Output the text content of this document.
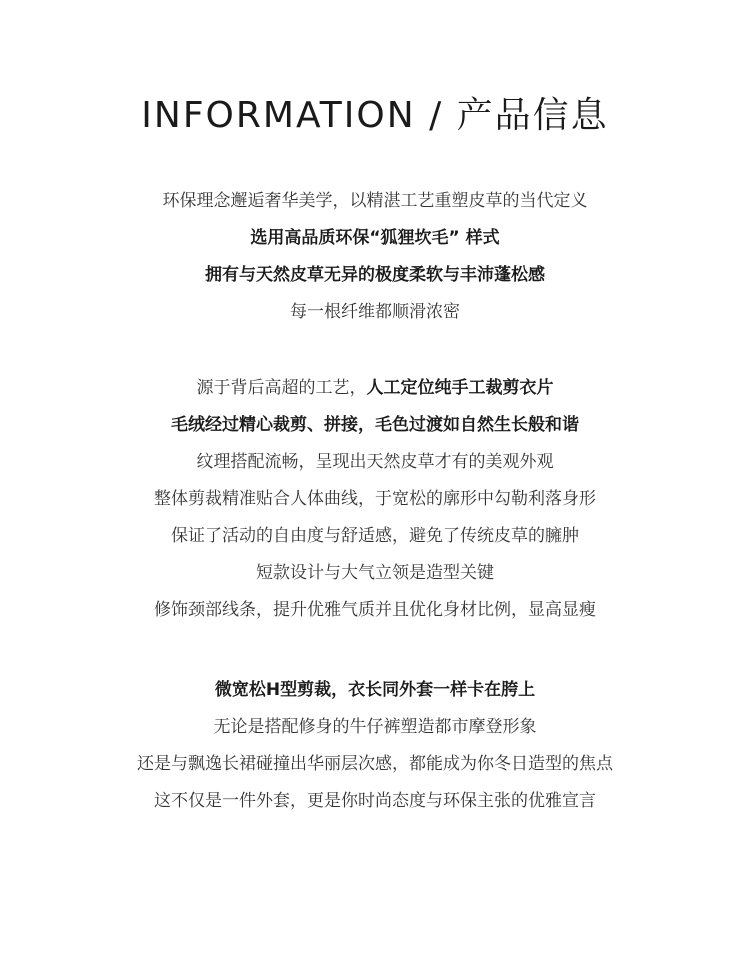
INFORMATION / 产品信息
环保理念邂逅奢华美学，以精湛工艺重塑皮草的当代定义
选用高品质环保“狐狸坎毛” 样式
拥有与天然皮草无异的极度柔软与丰沛蓬松感
每一根纤维都顺滑浓密
源于背后高超的工艺，人工定位纯手工裁剪衣片
毛绒经过精心裁剪、拼接，毛色过渡如自然生长般和谐
纹理搭配流畅，呈现出天然皮草才有的美观外观
整体剪裁精准贴合人体曲线，于宽松的廓形中勾勒利落身形
保证了活动的自由度与舒适感，避免了传统皮草的臃肿
短款设计与大气立领是造型关键
修饰颈部线条，提升优雅气质并且优化身材比例，显高显瘦
微宽松H型剪裁，衣长同外套一样卡在胯上
无论是搭配修身的牛仔裤塑造都市摩登形象
还是与飘逸长裙碰撞出华丽层次感，都能成为你冬日造型的焦点
这不仅是一件外套，更是你时尚态度与环保主张的优雅宣言
